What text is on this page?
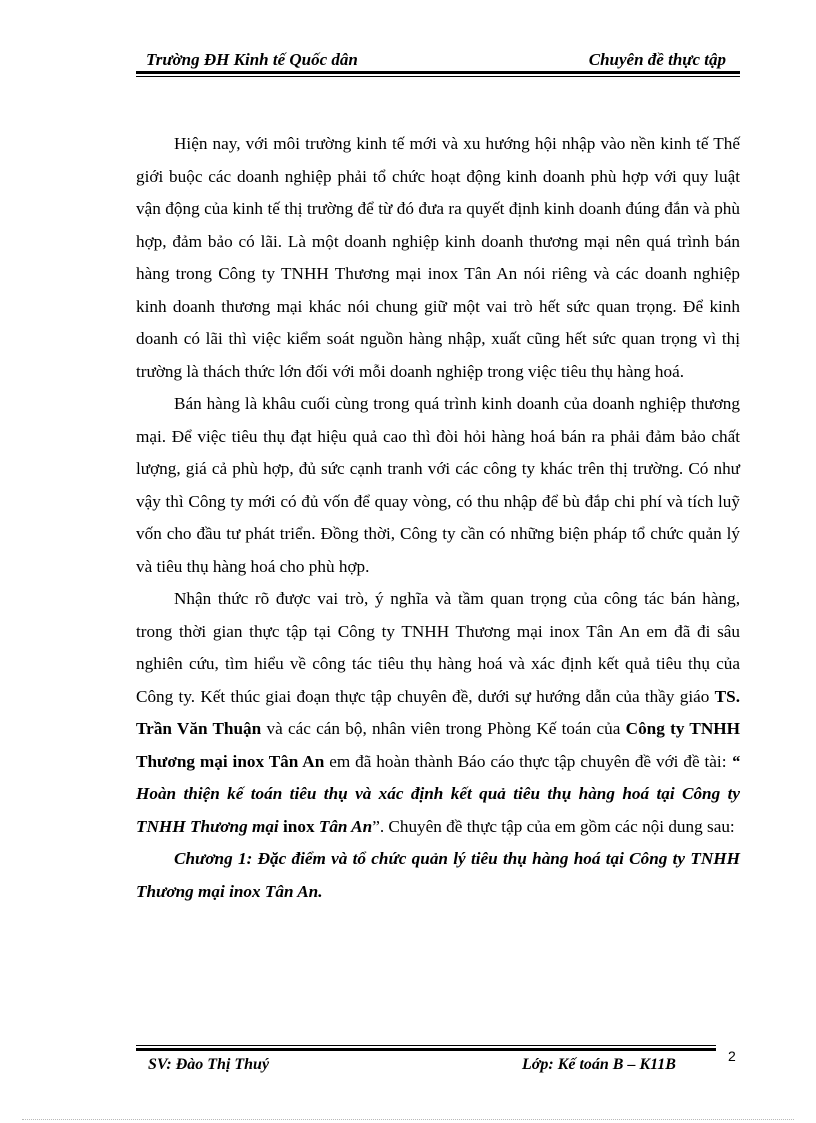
Trường ĐH Kinh tế Quốc dân	Chuyên đề thực tập

Hiện nay, với môi trường kinh tế mới và xu hướng hội nhập vào nền kinh tế Thế giới buộc các doanh nghiệp phải tổ chức hoạt động kinh doanh phù hợp với quy luật vận động của kinh tế thị trường để từ đó đưa ra quyết định kinh doanh đúng đắn và phù hợp, đảm bảo có lãi. Là một doanh nghiệp kinh doanh thương mại nên quá trình bán hàng trong Công ty TNHH Thương mại inox Tân An nói riêng và các doanh nghiệp kinh doanh thương mại khác nói chung giữ một vai trò hết sức quan trọng. Để kinh doanh có lãi thì việc kiểm soát nguồn hàng nhập, xuất cũng hết sức quan trọng vì thị trường là thách thức lớn đối với mỗi doanh nghiệp trong việc tiêu thụ hàng hoá.

Bán hàng là khâu cuối cùng trong quá trình kinh doanh của doanh nghiệp thương mại. Để việc tiêu thụ đạt hiệu quả cao thì đòi hỏi hàng hoá bán ra phải đảm bảo chất lượng, giá cả phù hợp, đủ sức cạnh tranh với các công ty khác trên thị trường. Có như vậy thì Công ty mới có đủ vốn để quay vòng, có thu nhập để bù đắp chi phí và tích luỹ vốn cho đầu tư phát triển. Đồng thời, Công ty cần có những biện pháp tổ chức quản lý và tiêu thụ hàng hoá cho phù hợp.

Nhận thức rõ được vai trò, ý nghĩa và tầm quan trọng của công tác bán hàng, trong thời gian thực tập tại Công ty TNHH Thương mại inox Tân An em đã đi sâu nghiên cứu, tìm hiểu về công tác tiêu thụ hàng hoá và xác định kết quả tiêu thụ của Công ty. Kết thúc giai đoạn thực tập chuyên đề, dưới sự hướng dẫn của thầy giáo TS. Trần Văn Thuận và các cán bộ, nhân viên trong Phòng Kế toán của Công ty TNHH Thương mại inox Tân An em đã hoàn thành Báo cáo thực tập chuyên đề với đề tài: “ Hoàn thiện kế toán tiêu thụ và xác định kết quả tiêu thụ hàng hoá tại Công ty TNHH Thương mại inox Tân An”. Chuyên đề thực tập của em gồm các nội dung sau:

Chương 1: Đặc điểm và tổ chức quản lý tiêu thụ hàng hoá tại Công ty TNHH Thương mại inox Tân An.

SV: Đào Thị Thuý	Lớp: Kế toán B – K11B	2
